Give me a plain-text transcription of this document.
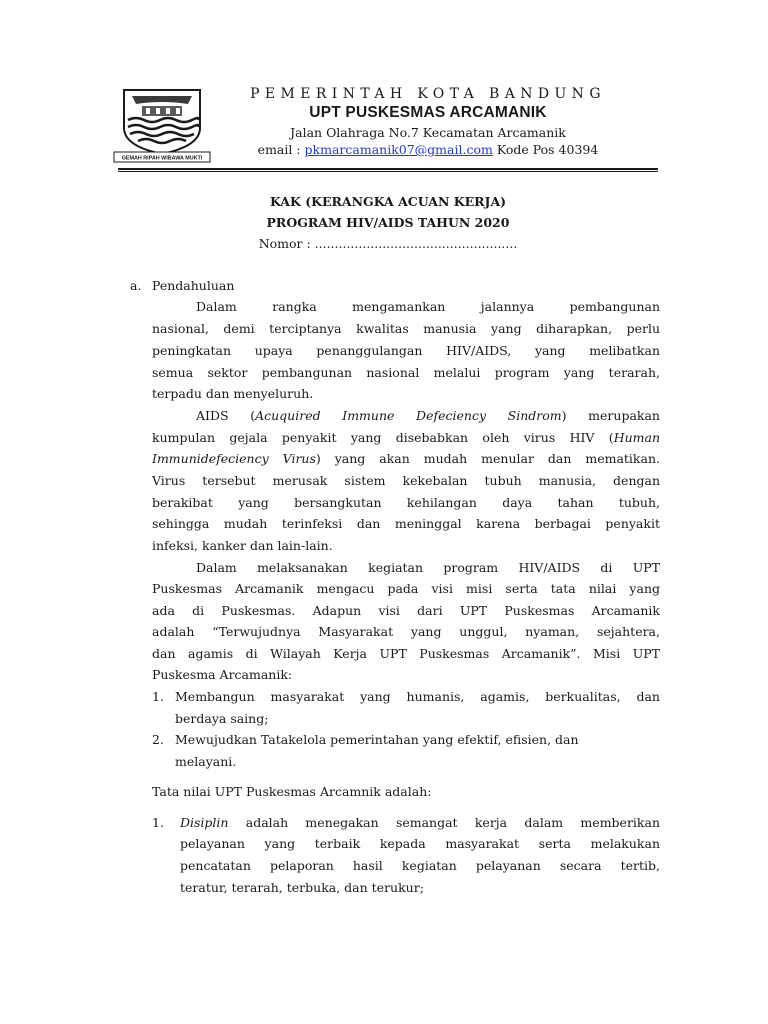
GEMAH RIPAH WIBAWA MUKTI
PEMERINTAH KOTA BANDUNG
UPT PUSKESMAS ARCAMANIK
Jalan Olahraga No.7 Kecamatan Arcamanik
email : pkmarcamanik07@gmail.com Kode Pos 40394
KAK (KERANGKA ACUAN KERJA)
PROGRAM HIV/AIDS TAHUN 2020
Nomor : ...................................................
a. Pendahuluan
Dalam rangka mengamankan jalannya pembangunan
nasional, demi terciptanya kwalitas manusia yang diharapkan, perlu
peningkatan upaya penanggulangan HIV/AIDS, yang melibatkan
semua sektor pembangunan nasional melalui program yang terarah,
terpadu dan menyeluruh.
AIDS (Acuquired Immune Defeciency Sindrom) merupakan
kumpulan gejala penyakit yang disebabkan oleh virus HIV (Human
Immunidefeciency Virus) yang akan mudah menular dan mematikan.
Virus tersebut merusak sistem kekebalan tubuh manusia, dengan
berakibat yang bersangkutan kehilangan daya tahan tubuh,
sehingga mudah terinfeksi dan meninggal karena berbagai penyakit
infeksi, kanker dan lain-lain.
Dalam melaksanakan kegiatan program HIV/AIDS di UPT
Puskesmas Arcamanik mengacu pada visi misi serta tata nilai yang
ada di Puskesmas. Adapun visi dari UPT Puskesmas Arcamanik
adalah “Terwujudnya Masyarakat yang unggul, nyaman, sejahtera,
dan agamis di Wilayah Kerja UPT Puskesmas Arcamanik”. Misi UPT
Puskesma Arcamanik:
1. Membangun masyarakat yang humanis, agamis, berkualitas, dan
berdaya saing;
2. Mewujudkan Tatakelola pemerintahan yang efektif, efisien, dan
melayani.
Tata nilai UPT Puskesmas Arcamnik adalah:
1. Disiplin adalah menegakan semangat kerja dalam memberikan
pelayanan yang terbaik kepada masyarakat serta melakukan
pencatatan pelaporan hasil kegiatan pelayanan secara tertib,
teratur, terarah, terbuka, dan terukur;
